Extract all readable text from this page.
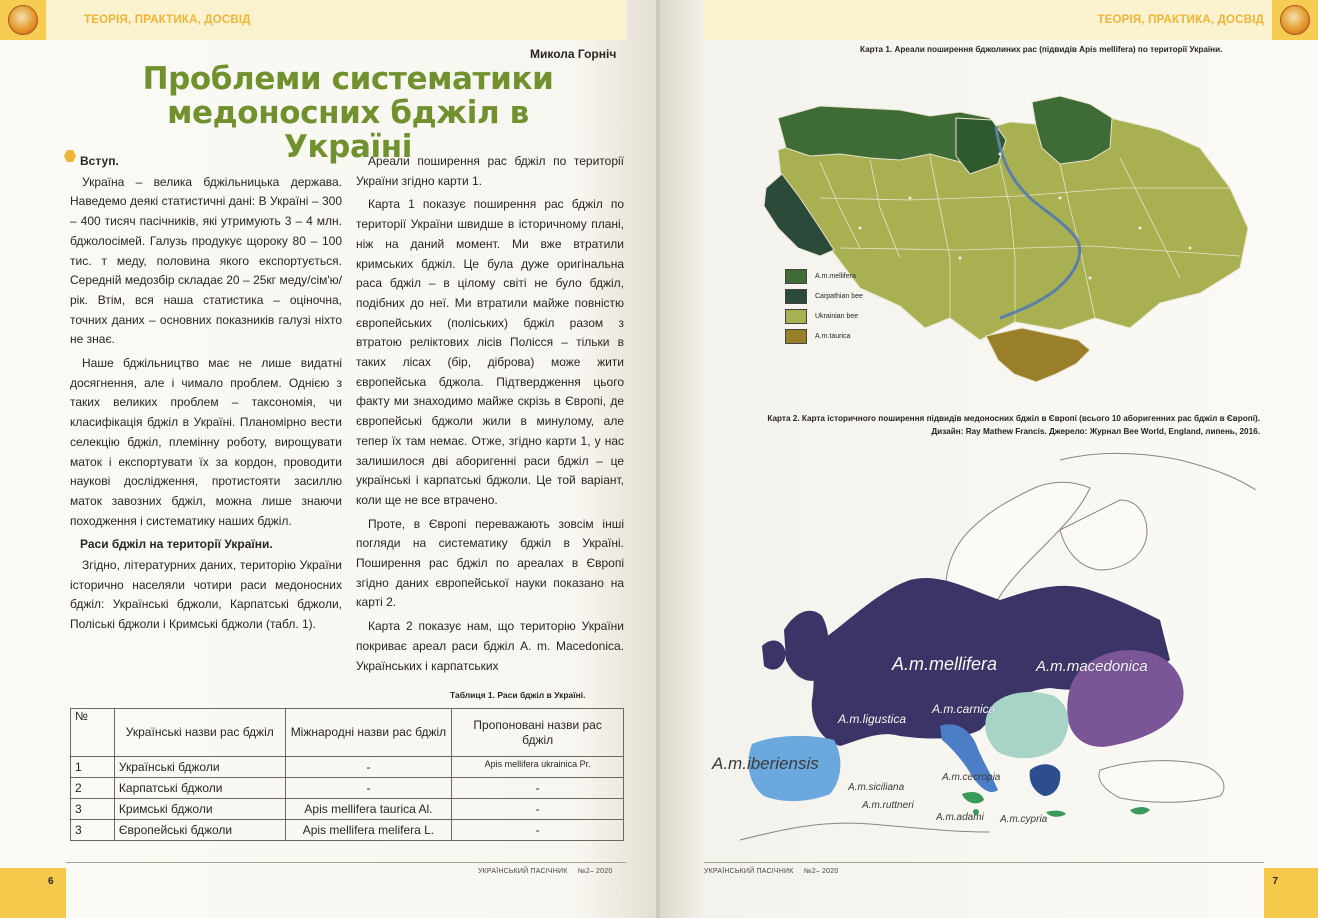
ТЕОРІЯ, ПРАКТИКА, ДОСВІД
Микола Горніч
Проблеми систематики медоносних бджіл в Україні
Вступ.

Україна – велика бджільницька держава. Наведемо деякі статистичні дані: В Україні – 300 – 400 тисяч пасічників, які утримують 3 – 4 млн. бджолосімей. Галузь продукує щороку 80 – 100 тис. т меду, половина якого експортується. Середній медозбір складає 20 – 25кг меду/сім'ю/рік. Втім, вся наша статистика – оціночна, точних даних – основних показників галузі ніхто не знає.

Наше бджільництво має не лише видатні досягнення, але і чимало проблем. Однією з таких великих проблем – таксономія, чи класифікація бджіл в Україні. Планомірно вести селекцію бджіл, племінну роботу, вирощувати маток і експортувати їх за кордон, проводити наукові дослідження, протистояти засиллю маток завозних бджіл, можна лише знаючи походження і систематику наших бджіл.

Раси бджіл на території України.

Згідно, літературних даних, територію України історично населяли чотири раси медоносних бджіл: Українські бджоли, Карпатські бджоли, Поліські бджоли і Кримські бджоли (табл. 1).

Ареали поширення рас бджіл по території України згідно карти 1.

Карта 1 показує поширення рас бджіл по території України швидше в історичному плані, ніж на даний момент. Ми вже втратили кримських бджіл. Це була дуже оригінальна раса бджіл – в цілому світі не було бджіл, подібних до неї. Ми втратили майже повністю європейських (поліських) бджіл разом з втратою реліктових лісів Полісся – тільки в таких лісах (бір, діброва) може жити європейська бджола. Підтвердження цього факту ми знаходимо майже скрізь в Європі, де європейські бджоли жили в минулому, але тепер їх там немає. Отже, згідно карти 1, у нас залишилося дві аборигенні раси бджіл – це українські і карпатські бджоли. Це той варіант, коли ще не все втрачено.

Проте, в Європі переважають зовсім інші погляди на систематику бджіл в Україні. Поширення рас бджіл по ареалах в Європі згідно даних європейської науки показано на карті 2.

Карта 2 показує нам, що територію України покриває ареал раси бджіл A. m. Macedonica. Українських і карпатських

Таблиця 1. Раси бджіл в Україні.
№	Українські назви рас бджіл	Міжнародні назви рас бджіл	Пропоновані назви рас бджіл
1	Українські бджоли	-	Apis mellifera ukrainica Pr.
2	Карпатські бджоли	-	-
3	Кримські бджоли	Apis mellifera taurica Al.	-
3	Європейські бджоли	Apis mellifera melifera L.	-
УКРАЇНСЬКИЙ ПАСІЧНИК №2– 2020
6
ТЕОРІЯ, ПРАКТИКА, ДОСВІД
Карта 1. Ареали поширення бджолиних рас (підвидів Apis mellifera) по території України.
A.m.mellifera
Carpathian bee
Ukrainian bee
A.m.taurica
Карта 2. Карта історичного поширення підвидів медоносних бджіл в Європі (всього 10 аборигенних рас бджіл в Європі).
Дизайн: Ray Mathew Francis. Джерело: Журнал Bee World, England, липень, 2016.
A.m.mellifera	A.m.macedonica
A.m.ligustica
A.m.carnica
A.m.iberiensis
A.m.cecropia
A.m.siciliana
A.m.ruttneri
A.m.adami A.m.cypria
УКРАЇНСЬКИЙ ПАСІЧНИК №2– 2020
7
